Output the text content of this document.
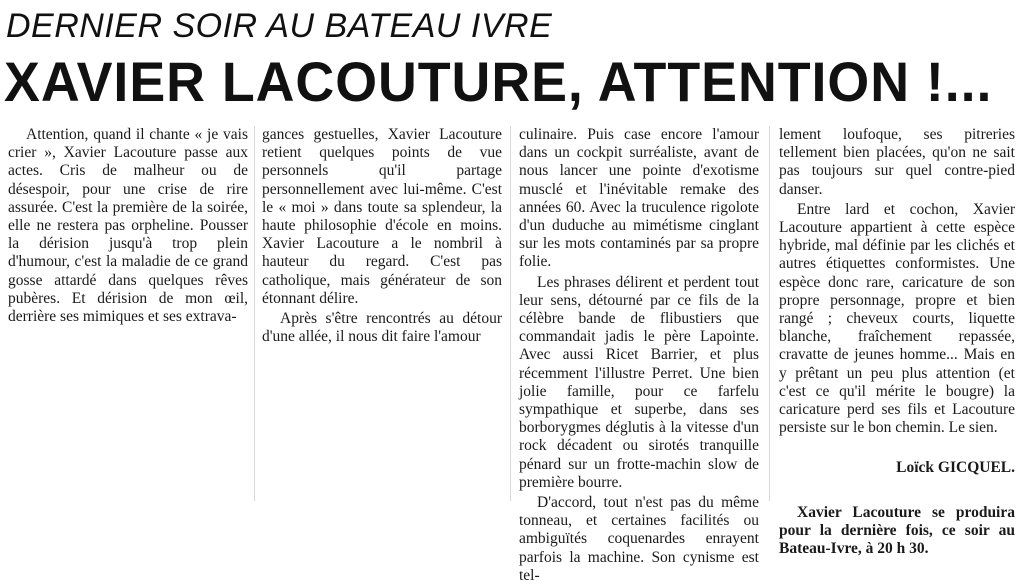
DERNIER SOIR AU BATEAU IVRE
XAVIER LACOUTURE, ATTENTION !...

Attention, quand il chante « je vais crier », Xavier Lacouture passe aux actes. Cris de malheur ou de désespoir, pour une crise de rire assurée. C'est la première de la soirée, elle ne restera pas orpheline. Pousser la dérision jusqu'à trop plein d'humour, c'est la maladie de ce grand gosse attardé dans quelques rêves pubères. Et dérision de mon œil, derrière ses mimiques et ses extrava-

gances gestuelles, Xavier Lacouture retient quelques points de vue personnels qu'il partage personnellement avec lui-même. C'est le « moi » dans toute sa splendeur, la haute philosophie d'école en moins. Xavier Lacouture a le nombril à hauteur du regard. C'est pas catholique, mais générateur de son étonnant délire.

Après s'être rencontrés au détour d'une allée, il nous dit faire l'amour

culinaire. Puis case encore l'amour dans un cockpit surréaliste, avant de nous lancer une pointe d'exotisme musclé et l'inévitable remake des années 60. Avec la truculence rigolote d'un duduche au mimétisme cinglant sur les mots contaminés par sa propre folie.

Les phrases délirent et perdent tout leur sens, détourné par ce fils de la célèbre bande de flibustiers que commandait jadis le père Lapointe. Avec aussi Ricet Barrier, et plus récemment l'illustre Perret. Une bien jolie famille, pour ce farfelu sympathique et superbe, dans ses borborygmes déglutis à la vitesse d'un rock décadent ou sirotés tranquille pénard sur un frotte-machin slow de première bourre.

D'accord, tout n'est pas du même tonneau, et certaines facilités ou ambiguïtés coquenardes enrayent parfois la machine. Son cynisme est tel-

lement loufoque, ses pitreries tellement bien placées, qu'on ne sait pas toujours sur quel contre-pied danser.

Entre lard et cochon, Xavier Lacouture appartient à cette espèce hybride, mal définie par les clichés et autres étiquettes conformistes. Une espèce donc rare, caricature de son propre personnage, propre et bien rangé ; cheveux courts, liquette blanche, fraîchement repassée, cravatte de jeunes homme... Mais en y prêtant un peu plus attention (et c'est ce qu'il mérite le bougre) la caricature perd ses fils et Lacouture persiste sur le bon chemin. Le sien.

Loïck GICQUEL.

Xavier Lacouture se produira pour la dernière fois, ce soir au Bateau-Ivre, à 20 h 30.
